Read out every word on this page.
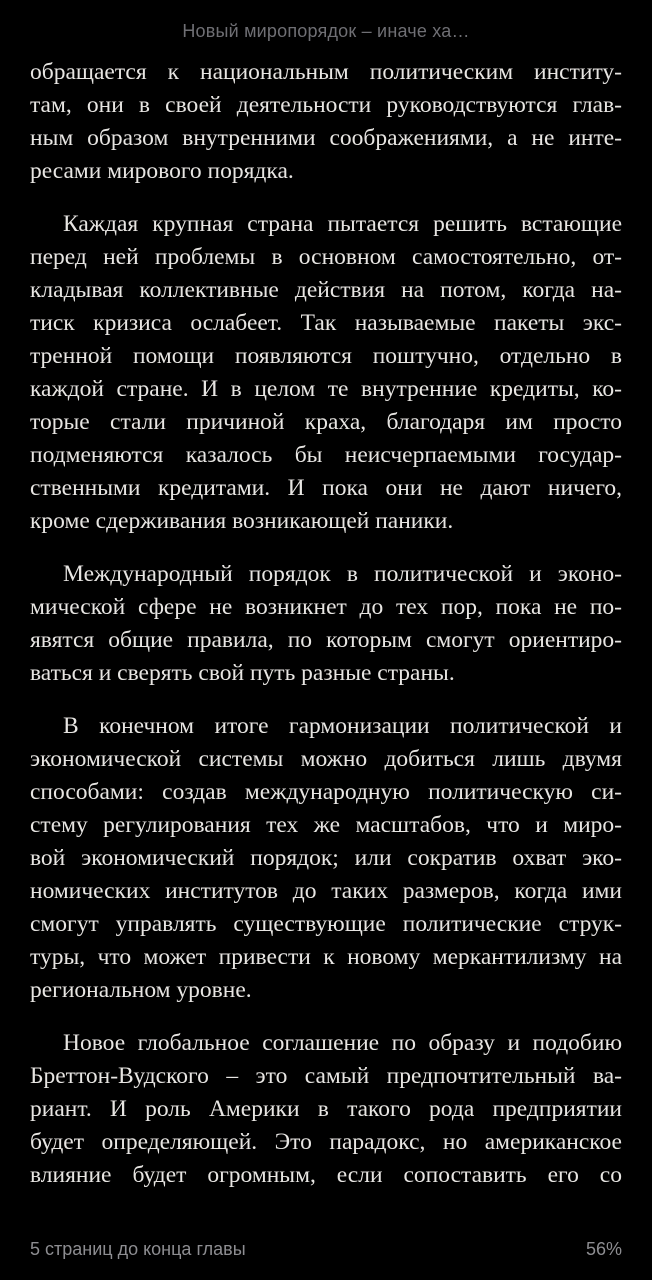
Новый миропорядок – иначе ха…
обращается к национальным политическим институ-
там, они в своей деятельности руководствуются глав-
ным образом внутренними соображениями, а не инте-
ресами мирового порядка.
Каждая крупная страна пытается решить встающие
перед ней проблемы в основном самостоятельно, от-
кладывая коллективные действия на потом, когда на-
тиск кризиса ослабеет. Так называемые пакеты экс-
тренной помощи появляются поштучно, отдельно в
каждой стране. И в целом те внутренние кредиты, ко-
торые стали причиной краха, благодаря им просто
подменяются казалось бы неисчерпаемыми государ-
ственными кредитами. И пока они не дают ничего,
кроме сдерживания возникающей паники.
Международный порядок в политической и эконо-
мической сфере не возникнет до тех пор, пока не по-
явятся общие правила, по которым смогут ориентиро-
ваться и сверять свой путь разные страны.
В конечном итоге гармонизации политической и
экономической системы можно добиться лишь двумя
способами: создав международную политическую си-
стему регулирования тех же масштабов, что и миро-
вой экономический порядок; или сократив охват эко-
номических институтов до таких размеров, когда ими
смогут управлять существующие политические струк-
туры, что может привести к новому меркантилизму на
региональном уровне.
Новое глобальное соглашение по образу и подобию
Бреттон-Вудского – это самый предпочтительный ва-
риант. И роль Америки в такого рода предприятии
будет определяющей. Это парадокс, но американское
влияние будет огромным, если сопоставить его со
5 страниц до конца главы	56%
